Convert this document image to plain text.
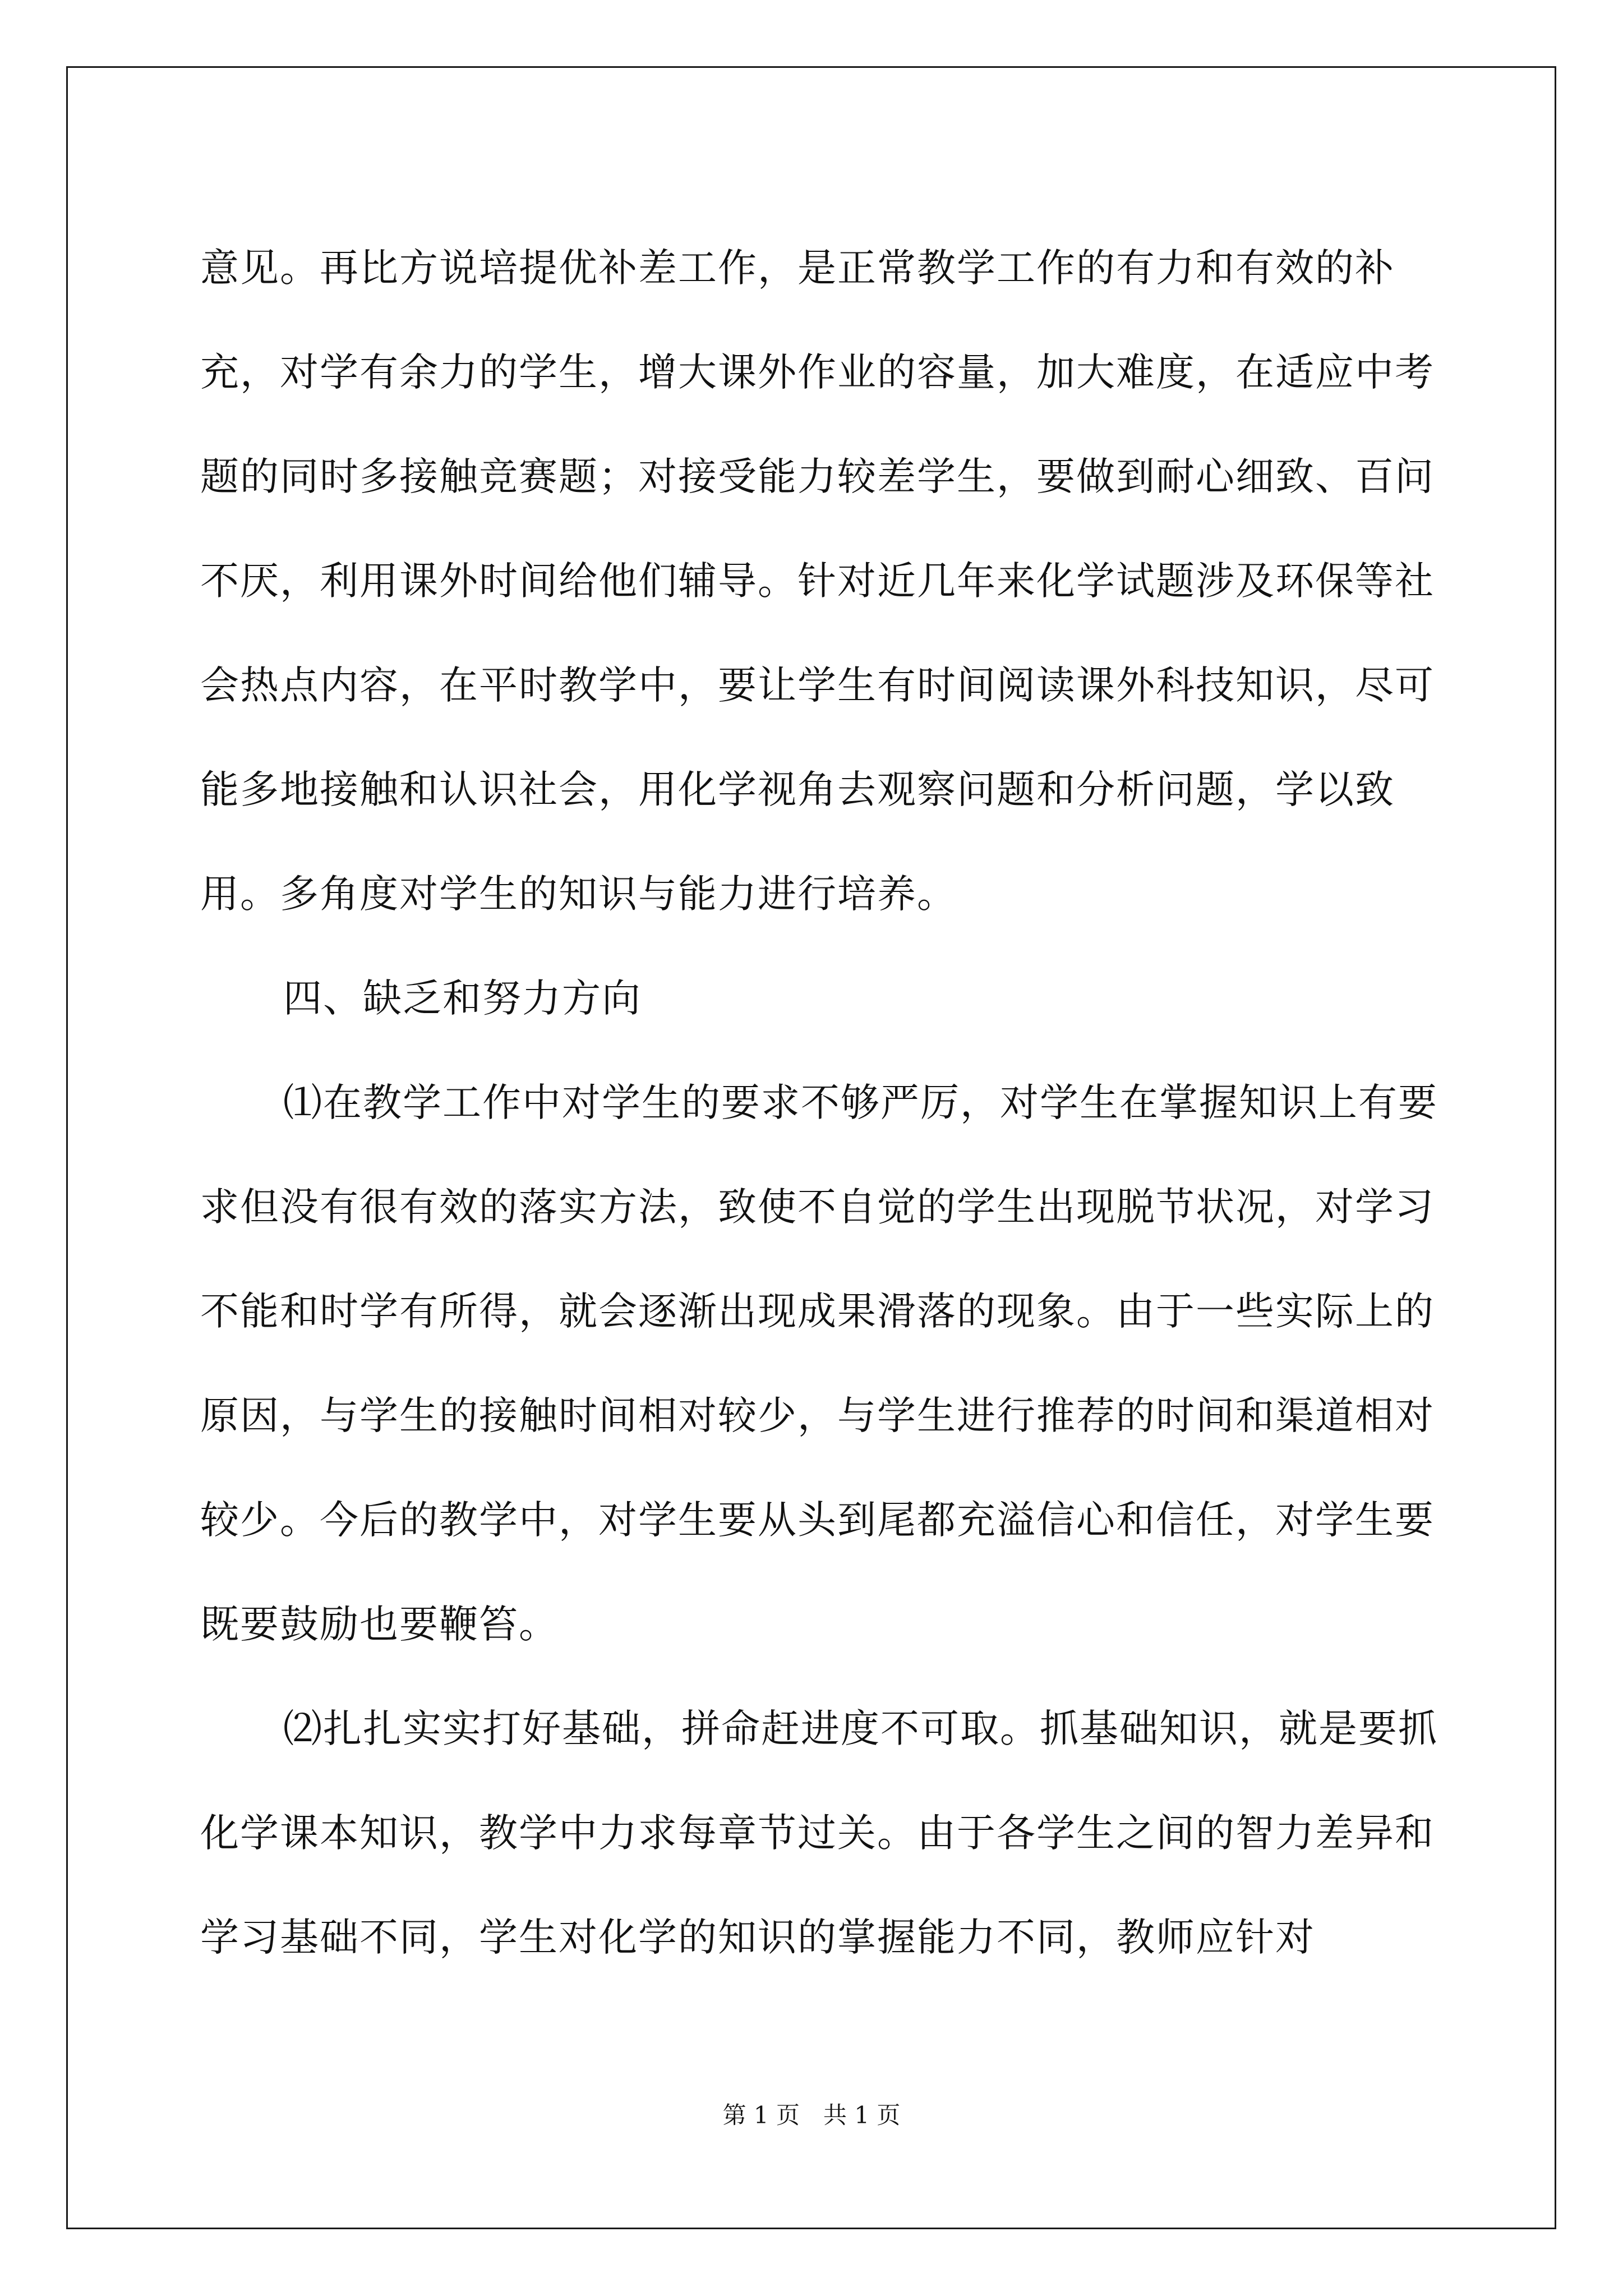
意见。再比方说培提优补差工作，是正常教学工作的有力和有效的补充，对学有余力的学生，增大课外作业的容量，加大难度，在适应中考题的同时多接触竞赛题；对接受能力较差学生，要做到耐心细致、百问不厌，利用课外时间给他们辅导。针对近几年来化学试题涉及环保等社会热点内容，在平时教学中，要让学生有时间阅读课外科技知识，尽可能多地接触和认识社会，用化学视角去观察问题和分析问题，学以致用。多角度对学生的知识与能力进行培养。

四、缺乏和努力方向

⑴在教学工作中对学生的要求不够严厉，对学生在掌握知识上有要求但没有很有效的落实方法，致使不自觉的学生出现脱节状况，对学习不能和时学有所得，就会逐渐出现成果滑落的现象。由于一些实际上的原因，与学生的接触时间相对较少，与学生进行推荐的时间和渠道相对较少。今后的教学中，对学生要从头到尾都充溢信心和信任，对学生要既要鼓励也要鞭笞。

⑵扎扎实实打好基础，拼命赶进度不可取。抓基础知识，就是要抓化学课本知识，教学中力求每章节过关。由于各学生之间的智力差异和学习基础不同，学生对化学的知识的掌握能力不同，教师应针对

第 1 页　共 1 页
